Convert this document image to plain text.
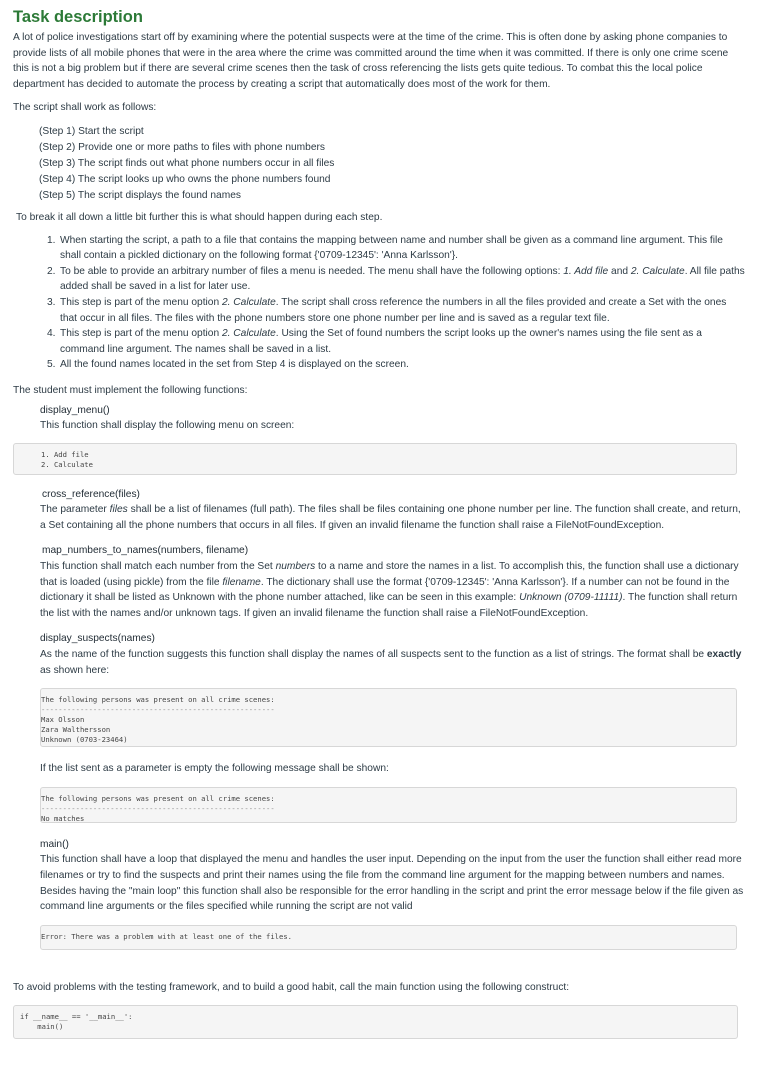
Task description

A lot of police investigations start off by examining where the potential suspects were at the time of the crime. This is often done by asking phone companies to provide lists of all mobile phones that were in the area where the crime was committed around the time when it was committed. If there is only one crime scene this is not a big problem but if there are several crime scenes then the task of cross referencing the lists gets quite tedious. To combat this the local police department has decided to automate the process by creating a script that automatically does most of the work for them.

The script shall work as follows:

(Step 1) Start the script
(Step 2) Provide one or more paths to files with phone numbers
(Step 3) The script finds out what phone numbers occur in all files
(Step 4) The script looks up who owns the phone numbers found
(Step 5) The script displays the found names

To break it all down a little bit further this is what should happen during each step.

1. When starting the script, a path to a file that contains the mapping between name and number shall be given as a command line argument. This file shall contain a pickled dictionary on the following format {'0709-12345': 'Anna Karlsson'}.
2. To be able to provide an arbitrary number of files a menu is needed. The menu shall have the following options: 1. Add file and 2. Calculate. All file paths added shall be saved in a list for later use.
3. This step is part of the menu option 2. Calculate. The script shall cross reference the numbers in all the files provided and create a Set with the ones that occur in all files. The files with the phone numbers store one phone number per line and is saved as a regular text file.
4. This step is part of the menu option 2. Calculate. Using the Set of found numbers the script looks up the owner's names using the file sent as a command line argument. The names shall be saved in a list.
5. All the found names located in the set from Step 4 is displayed on the screen.

The student must implement the following functions:

display_menu()

This function shall display the following menu on screen:

1. Add file
2. Calculate
cross_reference(files)

The parameter files shall be a list of filenames (full path). The files shall be files containing one phone number per line. The function shall create, and return, a Set containing all the phone numbers that occurs in all files. If given an invalid filename the function shall raise a FileNotFoundException.

map_numbers_to_names(numbers, filename)

This function shall match each number from the Set numbers to a name and store the names in a list. To accomplish this, the function shall use a dictionary that is loaded (using pickle) from the file filename. The dictionary shall use the format {'0709-12345': 'Anna Karlsson'}. If a number can not be found in the dictionary it shall be listed as Unknown with the phone number attached, like can be seen in this example: Unknown (0709-11111). The function shall return the list with the names and/or unknown tags. If given an invalid filename the function shall raise a FileNotFoundException.

display_suspects(names)

As the name of the function suggests this function shall display the names of all suspects sent to the function as a list of strings. The format shall be exactly as shown here:

The following persons was present on all crime scenes:
------------------------------------------------------
Max Olsson
Zara Walthersson
Unknown (0703-23464)

If the list sent as a parameter is empty the following message shall be shown:

The following persons was present on all crime scenes:
------------------------------------------------------
No matches
main()

This function shall have a loop that displayed the menu and handles the user input. Depending on the input from the user the function shall either read more filenames or try to find the suspects and print their names using the file from the command line argument for the mapping between numbers and names. Besides having the "main loop" this function shall also be responsible for the error handling in the script and print the error message below if the file given as command line arguments or the files specified while running the script are not valid

Error: There was a problem with at least one of the files.

To avoid problems with the testing framework, and to build a good habit, call the main function using the following construct:

if __name__ == '__main__':
main()
